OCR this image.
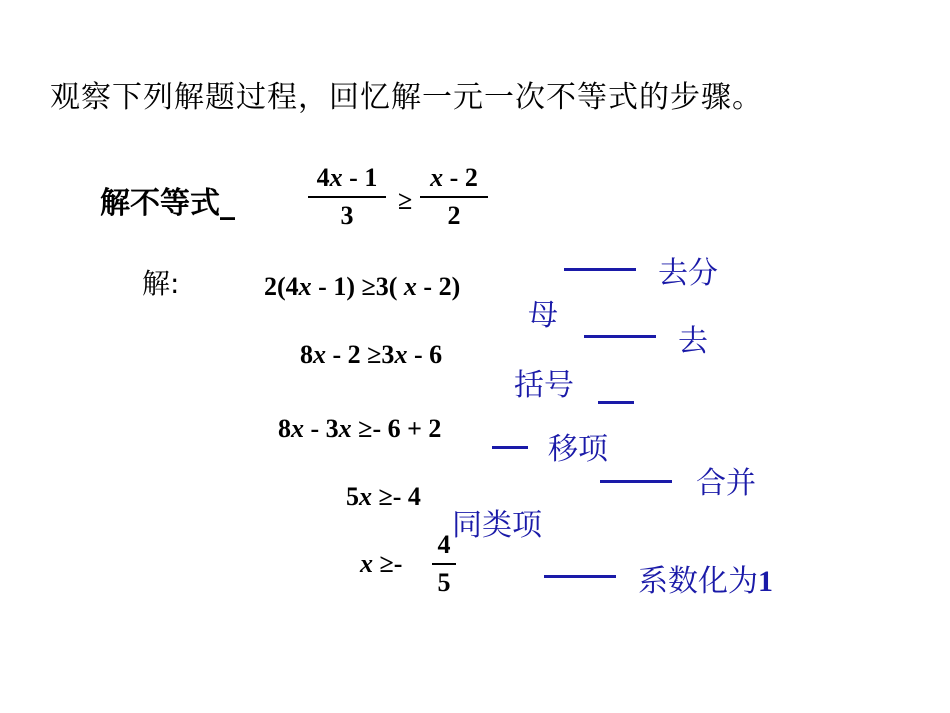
观察下列解题过程，回忆解一元一次不等式的步骤。
解不等式_
4x - 1
3
≥
x - 2
2
解:	2(4x - 1) ≥3( x - 2)
8x - 2 ≥3x - 6
8x - 3x ≥- 6 + 2
5x ≥- 4
x ≥-
4
5
去分
母
去
括号
移项
合并
同类项
系数化为1
